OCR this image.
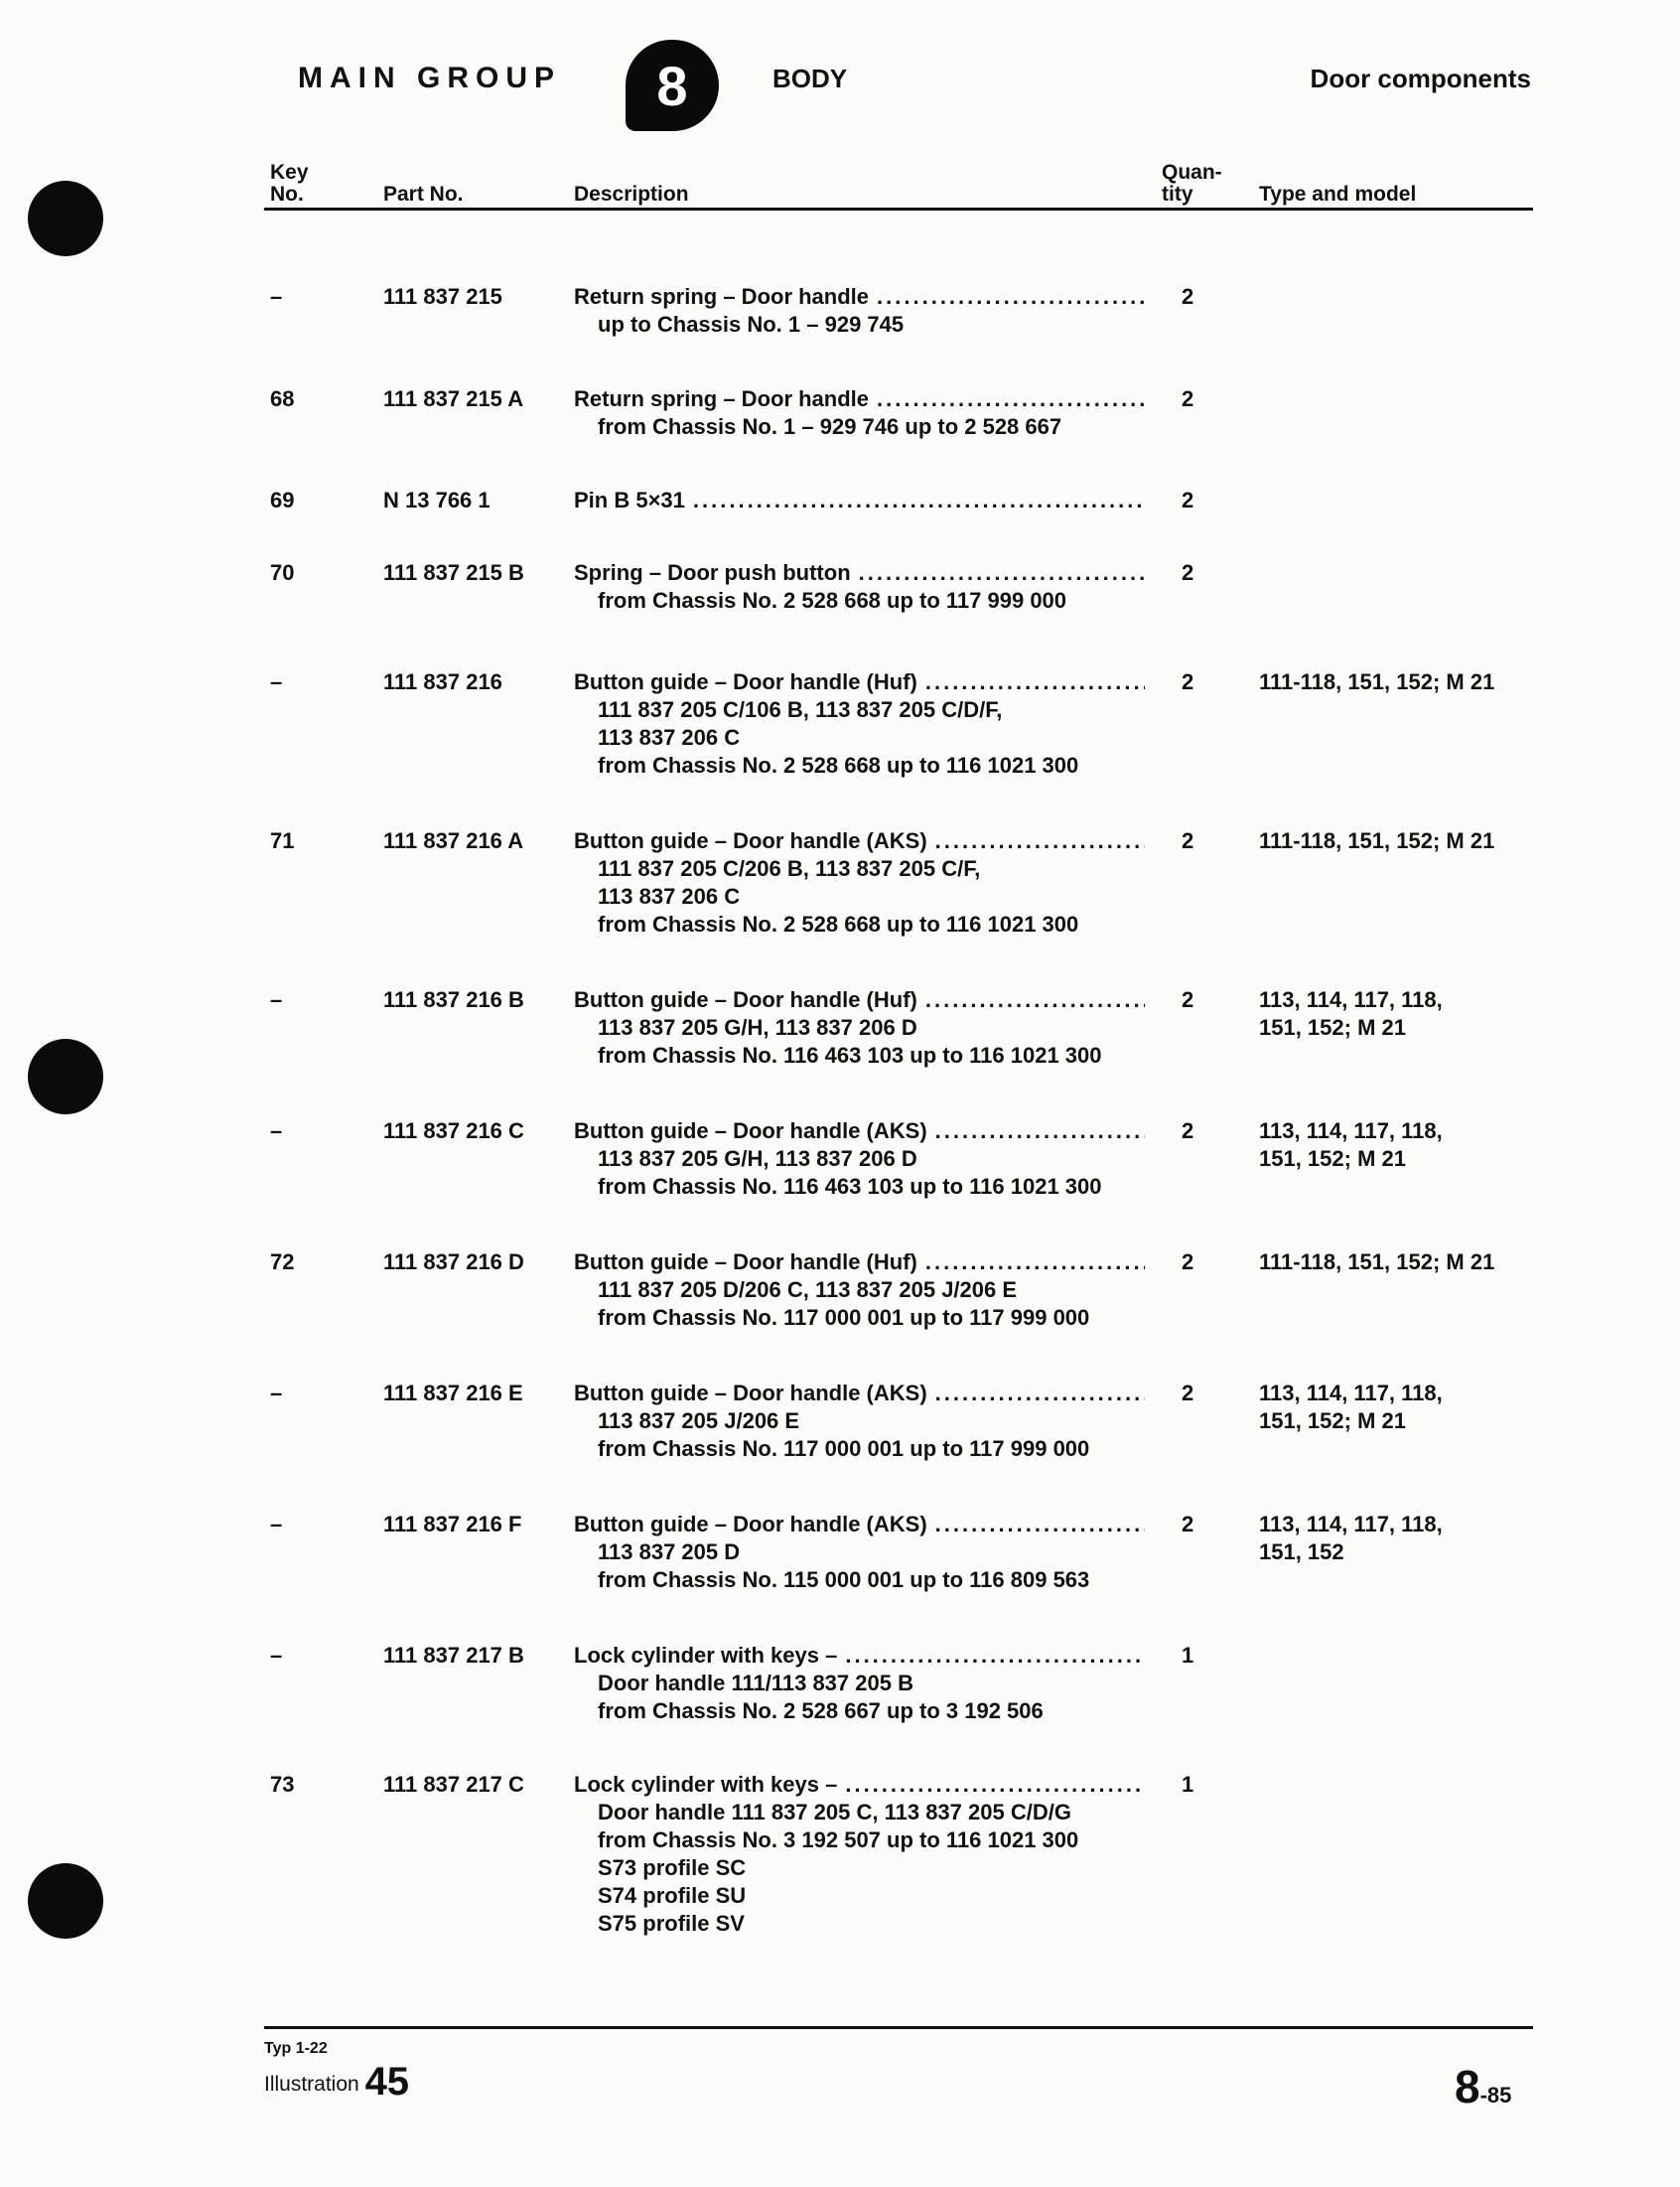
MAIN GROUP 8	BODY	Door components
Key
No.	Part No.	Description
Quan-
tity	Type and model
–	111 837 215	Return spring – Door handle
.....
up to Chassis No. 1 – 929 745
2
68	111 837 215 A Return spring – Door handle
.....
from Chassis No. 1 – 929 746 up to 2 528 667
2
69	N 13 766 1	Pin B 5×31
.....	2
70	111 837 215 B Spring – Door push button
.....
from Chassis No. 2 528 668 up to 117 999 000
2
–	111 837 216	Button guide – Door handle (Huf)
.....
111 837 205 C/106 B, 113 837 205 C/D/F,
113 837 206 C
from Chassis No. 2 528 668 up to 116 1021 300
2	111-118, 151, 152; M 21
71	111 837 216 A Button guide – Door handle (AKS)
.....
111 837 205 C/206 B, 113 837 205 C/F,
113 837 206 C
from Chassis No. 2 528 668 up to 116 1021 300
2	111-118, 151, 152; M 21
–	111 837 216 B Button guide – Door handle (Huf)
.....
113 837 205 G/H, 113 837 206 D
from Chassis No. 116 463 103 up to 116 1021 300
2	113, 114, 117, 118,
151, 152; M 21
–	111 837 216 C Button guide – Door handle (AKS)
.....
113 837 205 G/H, 113 837 206 D
from Chassis No. 116 463 103 up to 116 1021 300
2	113, 114, 117, 118,
151, 152; M 21
72	111 837 216 D Button guide – Door handle (Huf)
.....
111 837 205 D/206 C, 113 837 205 J/206 E
from Chassis No. 117 000 001 up to 117 999 000
2	111-118, 151, 152; M 21
–	111 837 216 E Button guide – Door handle (AKS)
.....
113 837 205 J/206 E
from Chassis No. 117 000 001 up to 117 999 000
2	113, 114, 117, 118,
151, 152; M 21
–	111 837 216 F Button guide – Door handle (AKS)
.....
113 837 205 D
from Chassis No. 115 000 001 up to 116 809 563
2	113, 114, 117, 118,
151, 152
–	111 837 217 B Lock cylinder with keys –
.....
Door handle 111/113 837 205 B
from Chassis No. 2 528 667 up to 3 192 506
1
73	111 837 217 C Lock cylinder with keys –
.....
Door handle 111 837 205 C, 113 837 205 C/D/G
from Chassis No. 3 192 507 up to 116 1021 300
S73 profile SC
S74 profile SU
S75 profile SV
1
Typ 1-22
Illustration 45	8-85
